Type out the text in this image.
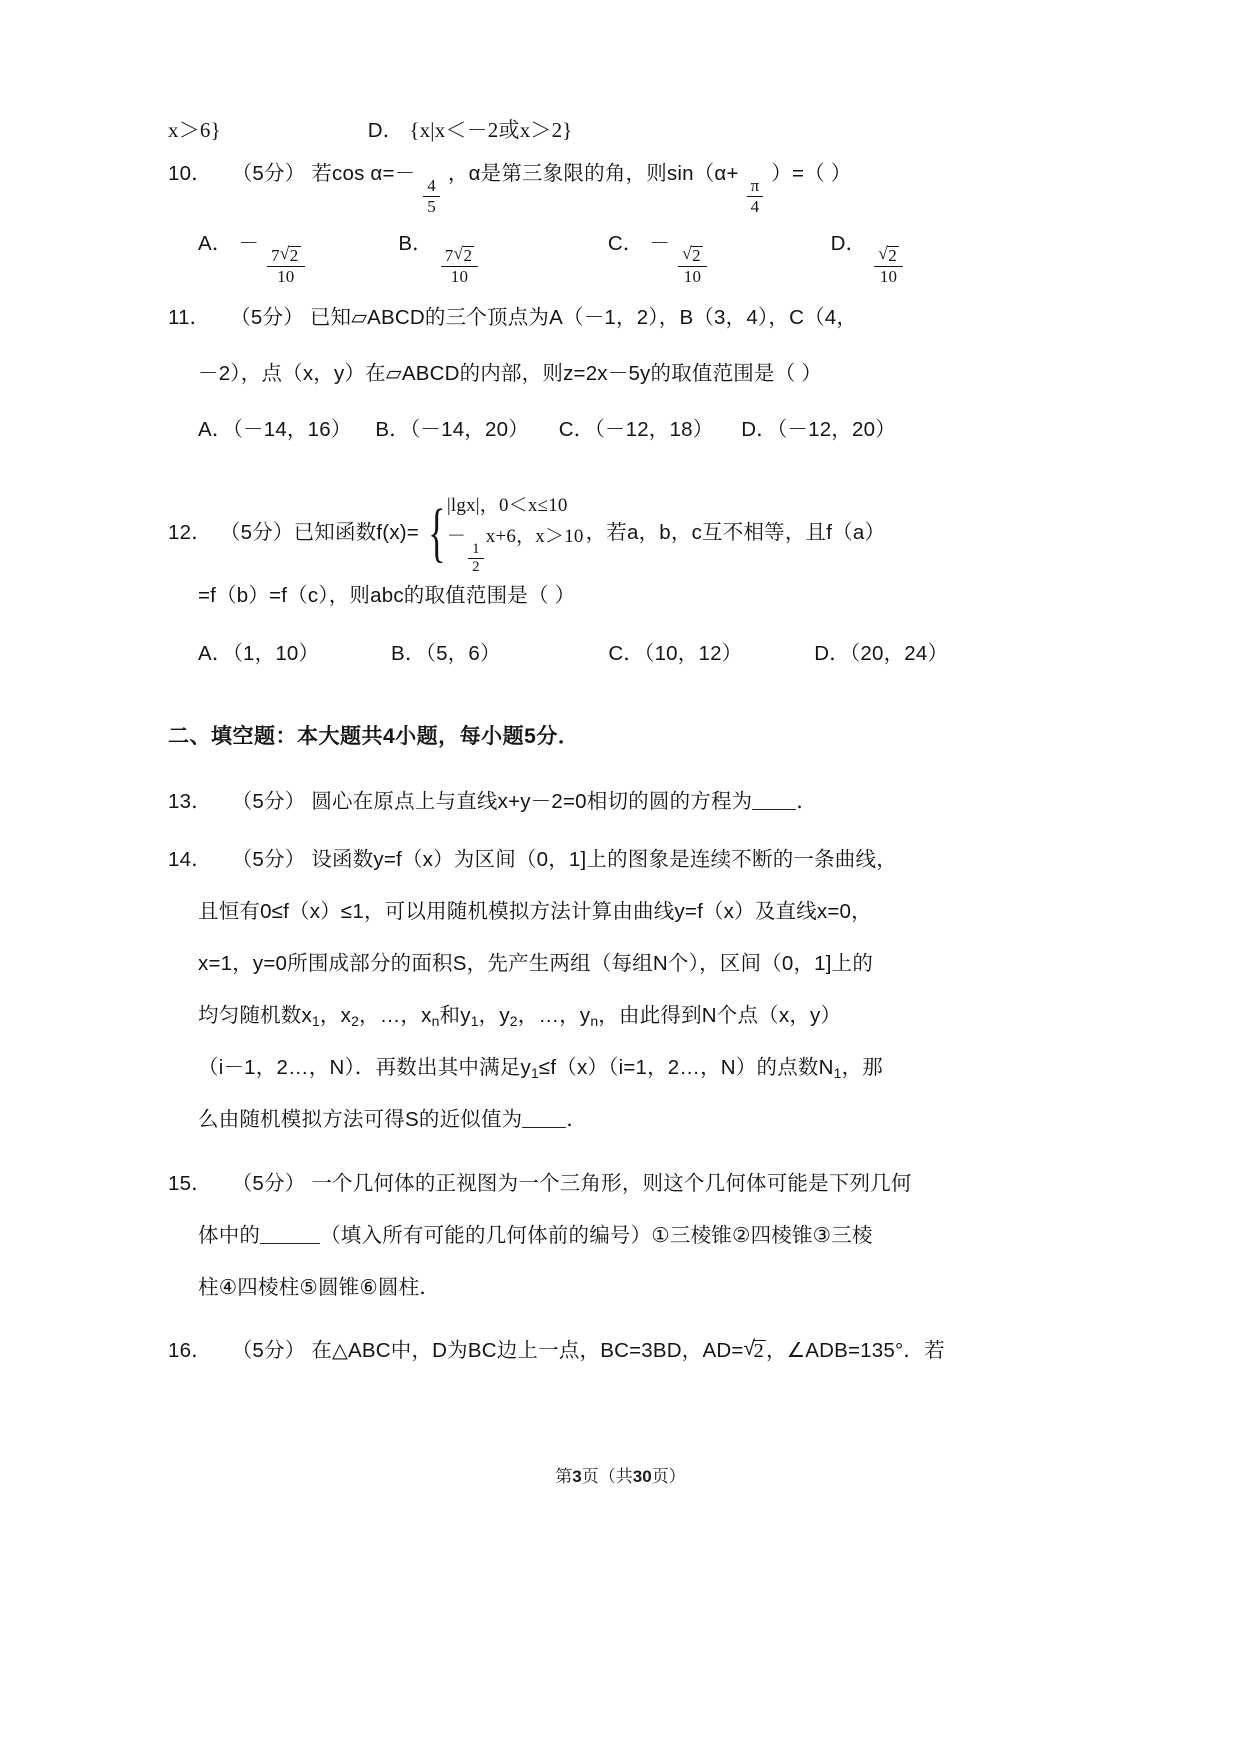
x＞6}	D． {x|x＜－2或x＞2}
10． （5分） 若cos α=－
$\frac{4}{5}$
，α是第三象限的角，则sin（α+
$\frac{\pi}{4}$
）=（ ）
A． －
$\frac{7 √ 2}{10}$
B．
$\frac{7 √ 2}{10}$
C． －
√ $\frac{2}{10}$
D．
√ $\frac{2}{10}$
11． （5分） 已知▱ABCD的三个顶点为A（－1，2），B（3，4），C（4，
－2），点（x，y）在▱ABCD的内部，则z=2x－5y的取值范围是（ ）
A．（－14，16） B．（－14，20） C．（－12，18） D．（－12，20）
12． （5分） 已知函数f(x)= { |lgx|，0＜x≤10
－
$\frac{1}{2}$
x+6，x＞10 ，若a，b，c互不相等，且f（a）
=f（b）=f（c），则abc的取值范围是（ ）
A．（1，10）	B．（5，6）	C．（10，12）	D．（20，24）
二、填空题：本大题共4小题，每小题5分．
13． （5分） 圆心在原点上与直线x+y－2=0相切的圆的方程为 ．
14． （5分） 设函数y=f（x）为区间（0，1]上的图象是连续不断的一条曲线，
且恒有0≤f（x）≤1，可以用随机模拟方法计算由曲线y=f（x）及直线x=0，
x=1，y=0所围成部分的面积S，先产生两组（每组N个），区间（0，1]上的
均匀随机数$x_1$，$x_2$，…，$x_n$和$y_1$，$y_2$，…，$y_n$，由此得到N个点（x，y）
（i－1，2…，N）．再数出其中满足$y_1\le f(x)(i=1$，2…，N）的点数$N_1$，那
么由随机模拟方法可得S的近似值为 ．
15． （5分） 一个几何体的正视图为一个三角形，则这个几何体可能是下列几何
体中的	（填入所有可能的几何体前的编号）①三棱锥②四棱锥③三棱
柱④四棱柱⑤圆锥⑥圆柱．
16． （5分） 在△ABC中，D为BC边上一点，BC=3BD，AD= √ 2，∠ADB=135°．若
第3页（共30页）
